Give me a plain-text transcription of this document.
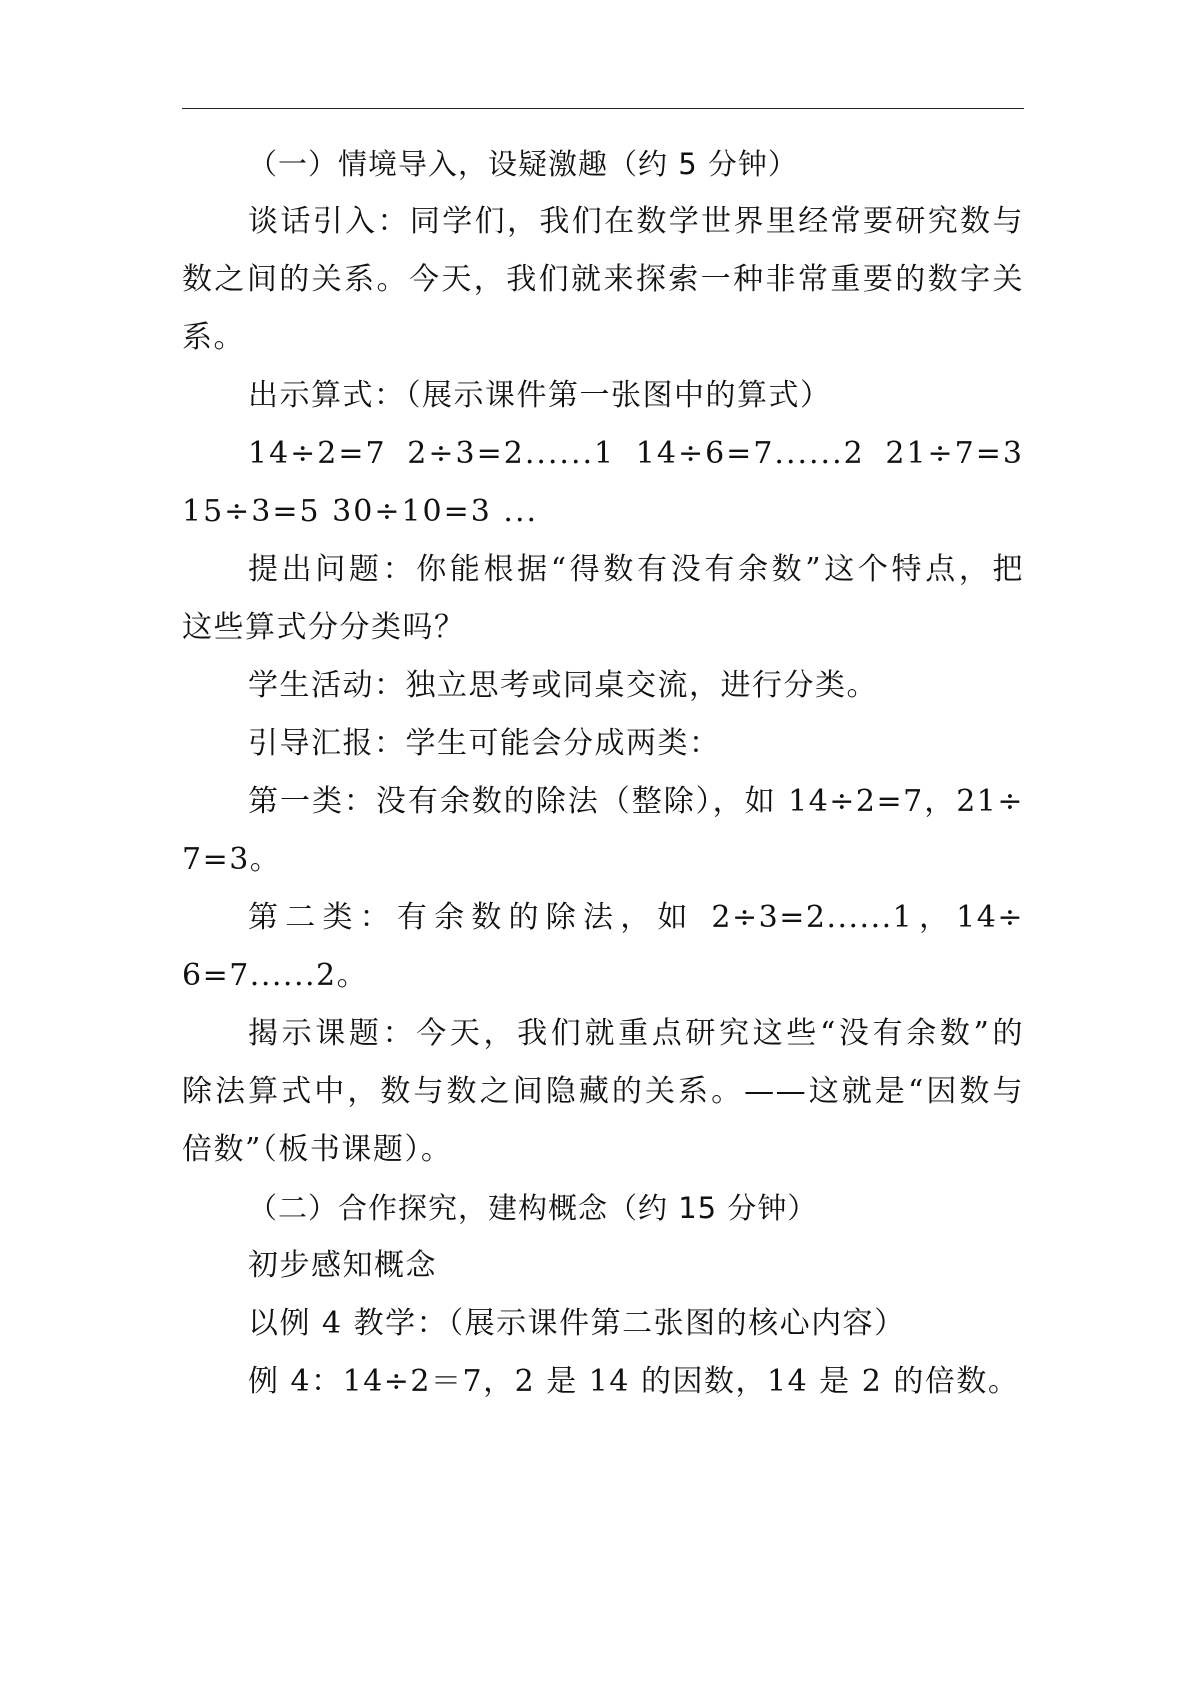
（一）情境导入，设疑激趣（约 5 分钟）
谈话引入：同学们，我们在数学世界里经常要研究数与
数之间的关系。今天，我们就来探索一种非常重要的数字关
系。
出示算式：（展示课件第一张图中的算式）
14÷2=7 2÷3=2......1 14÷6=7......2 21÷7=3
15÷3=5 30÷10=3 ...
提出问题：你能根据“得数有没有余数”这个特点，把
这些算式分分类吗？
学生活动：独立思考或同桌交流，进行分类。
引导汇报：学生可能会分成两类：
第一类：没有余数的除法（整除），如 14÷2=7，21÷
7=3。
第二类：有余数的除法，如 2÷3=2......1，14÷
6=7......2。
揭示课题：今天，我们就重点研究这些“没有余数”的
除法算式中，数与数之间隐藏的关系。——这就是“因数与
倍数”（板书课题）。
（二）合作探究，建构概念（约 15 分钟）
初步感知概念
以例 4 教学：（展示课件第二张图的核心内容）
例 4：14÷2＝7，2 是 14 的因数，14 是 2 的倍数。
